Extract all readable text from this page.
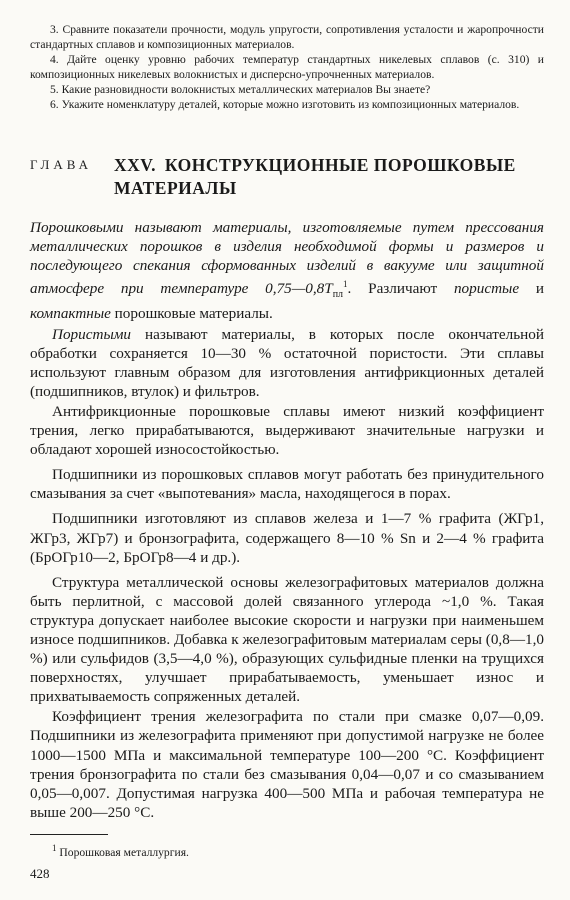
3. Сравните показатели прочности, модуль упругости, сопротивления усталости и жаропрочности стандартных сплавов и композиционных материалов.

4. Дайте оценку уровню рабочих температур стандартных никелевых сплавов (с. 310) и композиционных никелевых волокнистых и дисперсно-упрочненных материалов.

5. Какие разновидности волокнистых металлических материалов Вы знаете?

6. Укажите номенклатуру деталей, которые можно изготовить из композиционных материалов.

ГЛАВА	XXV. КОНСТРУКЦИОННЫЕ ПОРОШКОВЫЕ
МАТЕРИАЛЫ

Порошковыми называют материалы, изготовляемые путем прессования металлических порошков в изделия необходимой формы и размеров и последующего спекания сформованных изделий в вакууме или защитной атмосфере при температуре $0,75—0,8T_{пл}^1$. Различают пористые и компактные порошковые материалы.

Пористыми называют материалы, в которых после окончательной обработки сохраняется 10—30 % остаточной пористости. Эти сплавы используют главным образом для изготовления антифрикционных деталей (подшипников, втулок) и фильтров.

Антифрикционные порошковые сплавы имеют низкий коэффициент трения, легко прирабатываются, выдерживают значительные нагрузки и обладают хорошей износостойкостью.

Подшипники из порошковых сплавов могут работать без принудительного смазывания за счет «выпотевания» масла, находящегося в порах.

Подшипники изготовляют из сплавов железа и 1—7 % графита (ЖГр1, ЖГр3, ЖГр7) и бронзографита, содержащего 8—10 % Sn и 2—4 % графита (БрОГр10—2, БрОГр8—4 и др.).

Структура металлической основы железографитовых материалов должна быть перлитной, с массовой долей связанного углерода ~1,0 %. Такая структура допускает наиболее высокие скорости и нагрузки при наименьшем износе подшипников. Добавка к железографитовым материалам серы (0,8—1,0 %) или сульфидов (3,5—4,0 %), образующих сульфидные пленки на трущихся поверхностях, улучшает прирабатываемость, уменьшает износ и прихватываемость сопряженных деталей.

Коэффициент трения железографита по стали при смазке 0,07—0,09. Подшипники из железографита применяют при допустимой нагрузке не более 1000—1500 МПа и максимальной температуре 100—200 °С. Коэффициент трения бронзографита по стали без смазывания 0,04—0,07 и со смазыванием 0,05—0,007. Допустимая нагрузка 400—500 МПа и рабочая температура не выше 200—250 °С.

$^1$ Порошковая металлургия.
428
